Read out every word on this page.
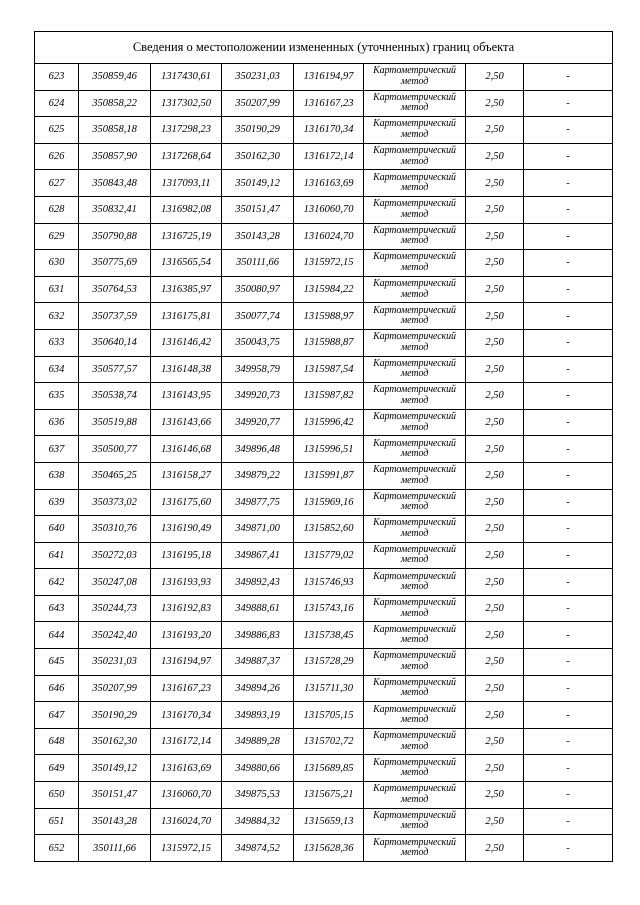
Сведения о местоположении измененных (уточненных) границ объекта							
623	350859,46	1317430,61	350231,03	1316194,97	Картометрический метод	2,50	-
624	350858,22	1317302,50	350207,99	1316167,23	Картометрический метод	2,50	-
625	350858,18	1317298,23	350190,29	1316170,34	Картометрический метод	2,50	-
626	350857,90	1317268,64	350162,30	1316172,14	Картометрический метод	2,50	-
627	350843,48	1317093,11	350149,12	1316163,69	Картометрический метод	2,50	-
628	350832,41	1316982,08	350151,47	1316060,70	Картометрический метод	2,50	-
629	350790,88	1316725,19	350143,28	1316024,70	Картометрический метод	2,50	-
630	350775,69	1316565,54	350111,66	1315972,15	Картометрический метод	2,50	-
631	350764,53	1316385,97	350080,97	1315984,22	Картометрический метод	2,50	-
632	350737,59	1316175,81	350077,74	1315988,97	Картометрический метод	2,50	-
633	350640,14	1316146,42	350043,75	1315988,87	Картометрический метод	2,50	-
634	350577,57	1316148,38	349958,79	1315987,54	Картометрический метод	2,50	-
635	350538,74	1316143,95	349920,73	1315987,82	Картометрический метод	2,50	-
636	350519,88	1316143,66	349920,77	1315996,42	Картометрический метод	2,50	-
637	350500,77	1316146,68	349896,48	1315996,51	Картометрический метод	2,50	-
638	350465,25	1316158,27	349879,22	1315991,87	Картометрический метод	2,50	-
639	350373,02	1316175,60	349877,75	1315969,16	Картометрический метод	2,50	-
640	350310,76	1316190,49	349871,00	1315852,60	Картометрический метод	2,50	-
641	350272,03	1316195,18	349867,41	1315779,02	Картометрический метод	2,50	-
642	350247,08	1316193,93	349892,43	1315746,93	Картометрический метод	2,50	-
643	350244,73	1316192,83	349888,61	1315743,16	Картометрический метод	2,50	-
644	350242,40	1316193,20	349886,83	1315738,45	Картометрический метод	2,50	-
645	350231,03	1316194,97	349887,37	1315728,29	Картометрический метод	2,50	-
646	350207,99	1316167,23	349894,26	1315711,30	Картометрический метод	2,50	-
647	350190,29	1316170,34	349893,19	1315705,15	Картометрический метод	2,50	-
648	350162,30	1316172,14	349889,28	1315702,72	Картометрический метод	2,50	-
649	350149,12	1316163,69	349880,66	1315689,85	Картометрический метод	2,50	-
650	350151,47	1316060,70	349875,53	1315675,21	Картометрический метод	2,50	-
651	350143,28	1316024,70	349884,32	1315659,13	Картометрический метод	2,50	-
652	350111,66	1315972,15	349874,52	1315628,36	Картометрический метод	2,50	-
